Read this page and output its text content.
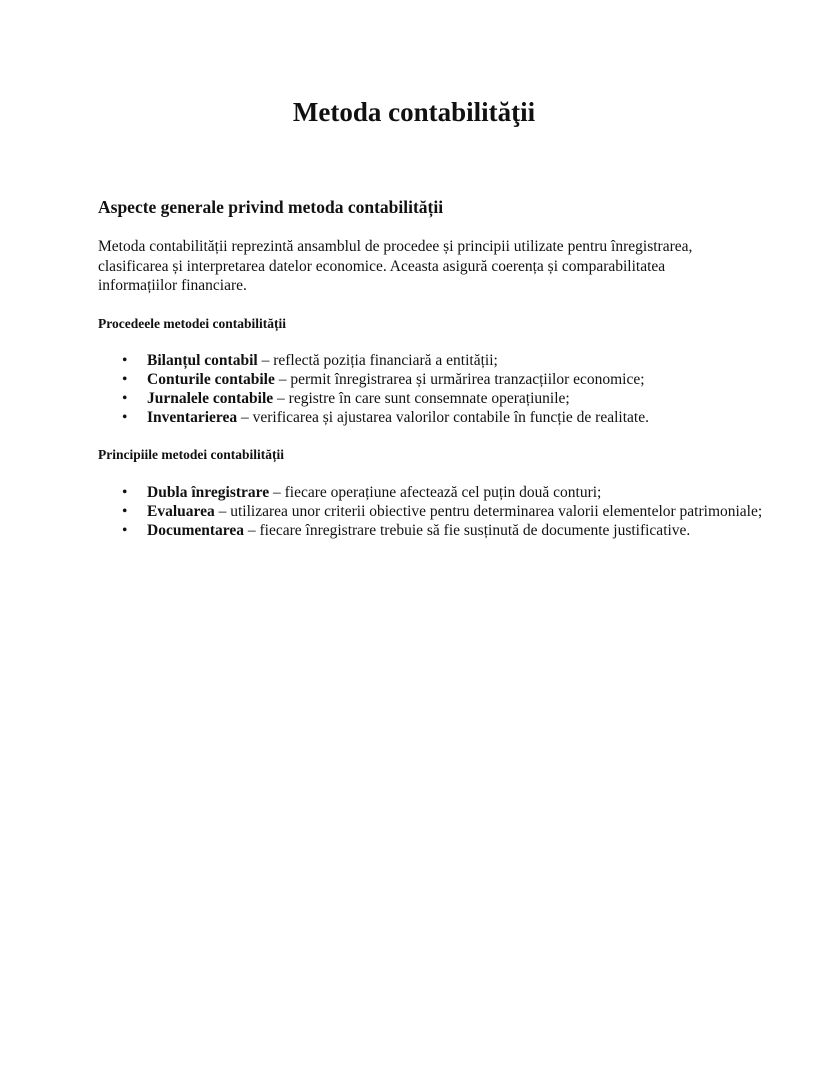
Metoda contabilităţii
Aspecte generale privind metoda contabilității

Metoda contabilității reprezintă ansamblul de procedee și principii utilizate pentru înregistrarea, clasificarea și interpretarea datelor economice. Aceasta asigură coerența și comparabilitatea informațiilor financiare.

Procedeele metodei contabilității
• Bilanțul contabil – reflectă poziția financiară a entității;
• Conturile contabile – permit înregistrarea și urmărirea tranzacțiilor economice;
• Jurnalele contabile – registre în care sunt consemnate operațiunile;
• Inventarierea – verificarea și ajustarea valorilor contabile în funcție de realitate.
Principiile metodei contabilității
• Dubla înregistrare – fiecare operațiune afectează cel puțin două conturi;
• Evaluarea – utilizarea unor criterii obiective pentru determinarea valorii elementelor patrimoniale;
• Documentarea – fiecare înregistrare trebuie să fie susținută de documente justificative.
